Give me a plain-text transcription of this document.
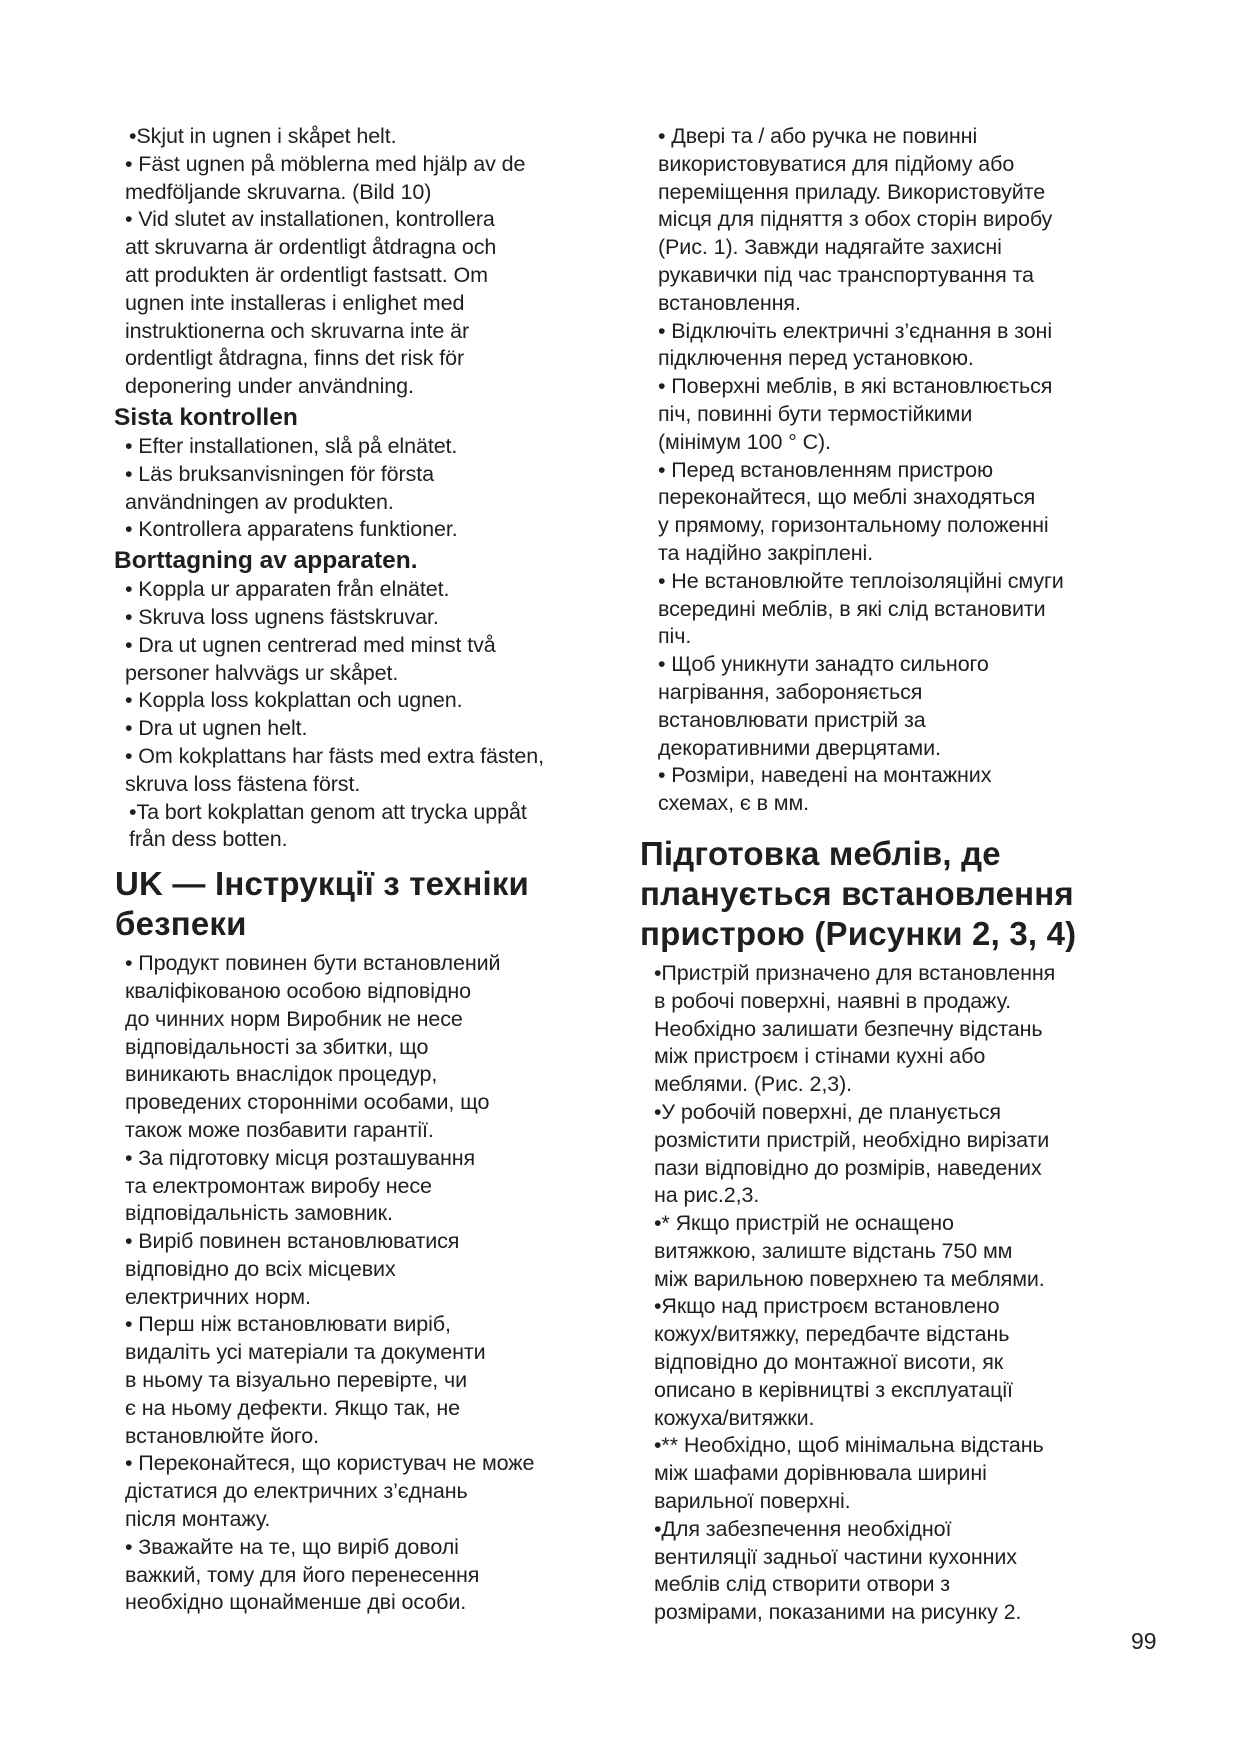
•Skjut in ugnen i skåpet helt.

• Fäst ugnen på möblerna med hjälp av de
medföljande skruvarna. (Bild 10)

• Vid slutet av installationen, kontrollera
att skruvarna är ordentligt åtdragna och
att produkten är ordentligt fastsatt. Om
ugnen inte installeras i enlighet med
instruktionerna och skruvarna inte är
ordentligt åtdragna, finns det risk för
deponering under användning.

Sista kontrollen

• Efter installationen, slå på elnätet.

• Läs bruksanvisningen för första
användningen av produkten.

• Kontrollera apparatens funktioner.

Borttagning av apparaten.

• Koppla ur apparaten från elnätet.

• Skruva loss ugnens fästskruvar.

• Dra ut ugnen centrerad med minst två
personer halvvägs ur skåpet.

• Koppla loss kokplattan och ugnen.

• Dra ut ugnen helt.

• Om kokplattans har fästs med extra fästen,
skruva loss fästena först.

•Ta bort kokplattan genom att trycka uppåt
från dess botten.

UK — Інструкції з техніки
безпеки

• Продукт повинен бути встановлений
кваліфікованою особою відповідно
до чинних норм Виробник не несе
відповідальності за збитки, що
виникають внаслідок процедур,
проведених сторонніми особами, що
також може позбавити гарантії.

• За підготовку місця розташування
та електромонтаж виробу несе
відповідальність замовник.

• Виріб повинен встановлюватися
відповідно до всіх місцевих
електричних норм.

• Перш ніж встановлювати виріб,
видаліть усі матеріали та документи
в ньому та візуально перевірте, чи
є на ньому дефекти. Якщо так, не
встановлюйте його.

• Переконайтеся, що користувач не може
дістатися до електричних з’єднань
після монтажу.

• Зважайте на те, що виріб доволі
важкий, тому для його перенесення
необхідно щонайменше дві особи.

• Двері та / або ручка не повинні
використовуватися для підйому або
переміщення приладу. Використовуйте
місця для підняття з обох сторін виробу
(Рис. 1). Завжди надягайте захисні
рукавички під час транспортування та
встановлення.

• Відключіть електричні з’єднання в зоні
підключення перед установкою.

• Поверхні меблів, в які встановлюється
піч, повинні бути термостійкими
(мінімум 100 ° С).

• Перед встановленням пристрою
переконайтеся, що меблі знаходяться
у прямому, горизонтальному положенні
та надійно закріплені.

• Не встановлюйте теплоізоляційні смуги
всередині меблів, в які слід встановити
піч.

• Щоб уникнути занадто сильного
нагрівання, забороняється
встановлювати пристрій за
декоративними дверцятами.

• Розміри, наведені на монтажних
схемах, є в мм.

Підготовка меблів, де
планується встановлення
пристрою (Рисунки 2, 3, 4)

•Пристрій призначено для встановлення
в робочі поверхні, наявні в продажу.
Необхідно залишати безпечну відстань
між пристроєм і стінами кухні або
меблями. (Рис. 2,3).

•У робочій поверхні, де планується
розмістити пристрій, необхідно вирізати
пази відповідно до розмірів, наведених
на рис.2,3.

•* Якщо пристрій не оснащено
витяжкою, залиште відстань 750 мм
між варильною поверхнею та меблями.

•Якщо над пристроєм встановлено
кожух/витяжку, передбачте відстань
відповідно до монтажної висоти, як
описано в керівництві з експлуатації
кожуха/витяжки.

•** Необхідно, щоб мінімальна відстань
між шафами дорівнювала ширині
варильної поверхні.

•Для забезпечення необхідної
вентиляції задньої частини кухонних
меблів слід створити отвори з
розмірами, показаними на рисунку 2.

99
